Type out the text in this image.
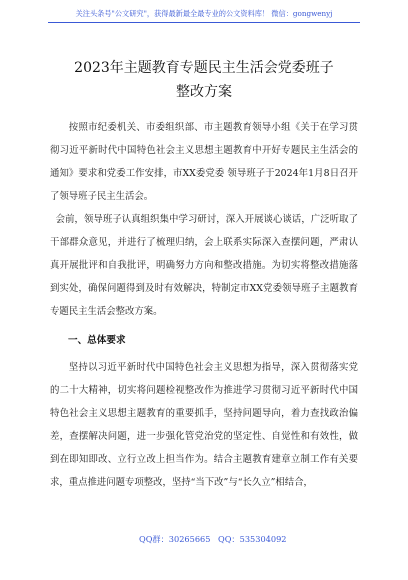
关注头条号"公文研究"，获得最新最全最专业的公文资料库！ 微信：gongwenyj
2023年主题教育专题民主生活会党委班子
整改方案

按照市纪委机关、市委组织部、市主题教育领导小组《关于在学习贯彻习近平新时代中国特色社会主义思想主题教育中开好专题民主生活会的通知》要求和党委工作安排，市XX委党委 领导班子于2024年1月8日召开了领导班子民主生活会。

会前，领导班子认真组织集中学习研讨，深入开展谈心谈话，广泛听取了干部群众意见，并进行了梳理归纳，会上联系实际深入查摆问题，严肃认真开展批评和自我批评，明确努力方向和整改措施。为切实将整改措施落到实处，确保问题得到及时有效解决，特制定市XX党委领导班子主题教育专题民主生活会整改方案。

一、总体要求

坚持以习近平新时代中国特色社会主义思想为指导，深入贯彻落实党的二十大精神，切实将问题检视整改作为推进学习贯彻习近平新时代中国特色社会主义思想主题教育的重要抓手，坚持问题导向，着力查找政治偏差，查摆解决问题，进一步强化管党治党的坚定性、自觉性和有效性，做到在即知即改、立行立改上担当作为。结合主题教育建章立制工作有关要求，重点推进问题专项整改，坚持“当下改”与“长久立”相结合，

QQ群：30265665 QQ：535304092
